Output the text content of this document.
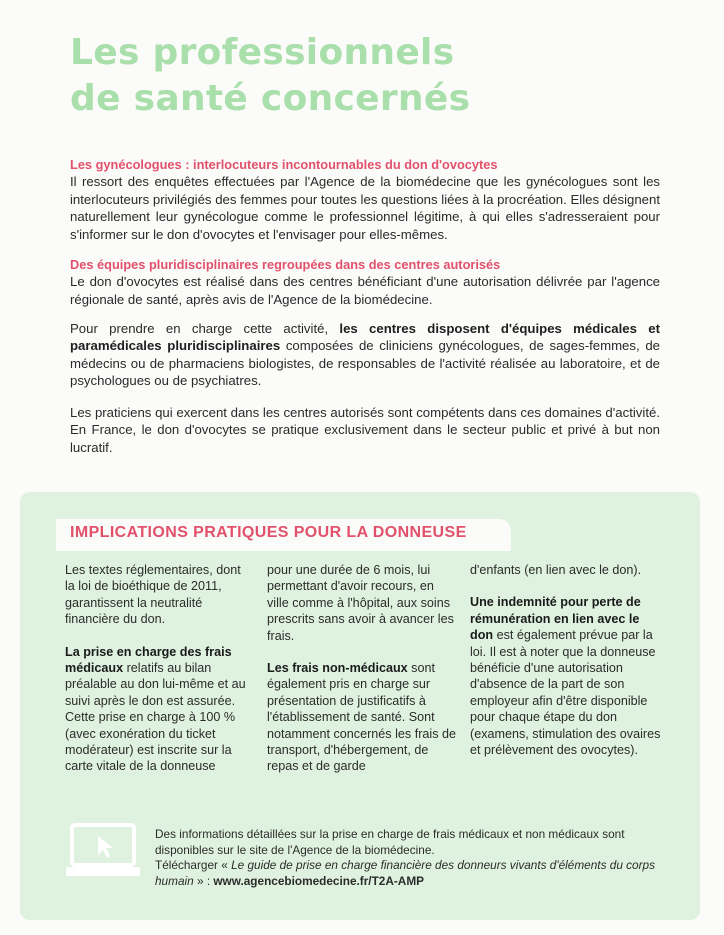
Les professionnels
de santé concernés
Les gynécologues : interlocuteurs incontournables du don d'ovocytes

Il ressort des enquêtes effectuées par l'Agence de la biomédecine que les gynécologues sont les interlocuteurs privilégiés des femmes pour toutes les questions liées à la procréation. Elles désignent naturellement leur gynécologue comme le professionnel légitime, à qui elles s'adresseraient pour s'informer sur le don d'ovocytes et l'envisager pour elles-mêmes.

Des équipes pluridisciplinaires regroupées dans des centres autorisés

Le don d'ovocytes est réalisé dans des centres bénéficiant d'une autorisation délivrée par l'agence régionale de santé, après avis de l'Agence de la biomédecine.

Pour prendre en charge cette activité, les centres disposent d'équipes médicales et paramédicales pluridisciplinaires composées de cliniciens gynécologues, de sages-femmes, de médecins ou de pharmaciens biologistes, de responsables de l'activité réalisée au laboratoire, et de psychologues ou de psychiatres.

Les praticiens qui exercent dans les centres autorisés sont compétents dans ces domaines d'activité. En France, le don d'ovocytes se pratique exclusivement dans le secteur public et privé à but non lucratif.

IMPLICATIONS PRATIQUES POUR LA DONNEUSE

Les textes réglementaires, dont la loi de bioéthique de 2011, garantissent la neutralité financière du don.

La prise en charge des frais médicaux relatifs au bilan préalable au don lui-même et au suivi après le don est assurée. Cette prise en charge à 100 % (avec exonération du ticket modérateur) est inscrite sur la carte vitale de la donneuse

pour une durée de 6 mois, lui permettant d'avoir recours, en ville comme à l'hôpital, aux soins prescrits sans avoir à avancer les frais.

Les frais non-médicaux sont également pris en charge sur présentation de justificatifs à l'établissement de santé. Sont notamment concernés les frais de transport, d'hébergement, de repas et de garde

d'enfants (en lien avec le don).

Une indemnité pour perte de rémunération en lien avec le don est également prévue par la loi. Il est à noter que la donneuse bénéficie d'une autorisation d'absence de la part de son employeur afin d'être disponible pour chaque étape du don (examens, stimulation des ovaires et prélèvement des ovocytes).

Des informations détaillées sur la prise en charge de frais médicaux et non médicaux sont disponibles sur le site de l'Agence de la biomédecine.

Télécharger « Le guide de prise en charge financière des donneurs vivants d'éléments du corps humain » : www.agencebiomedecine.fr/T2A-AMP
